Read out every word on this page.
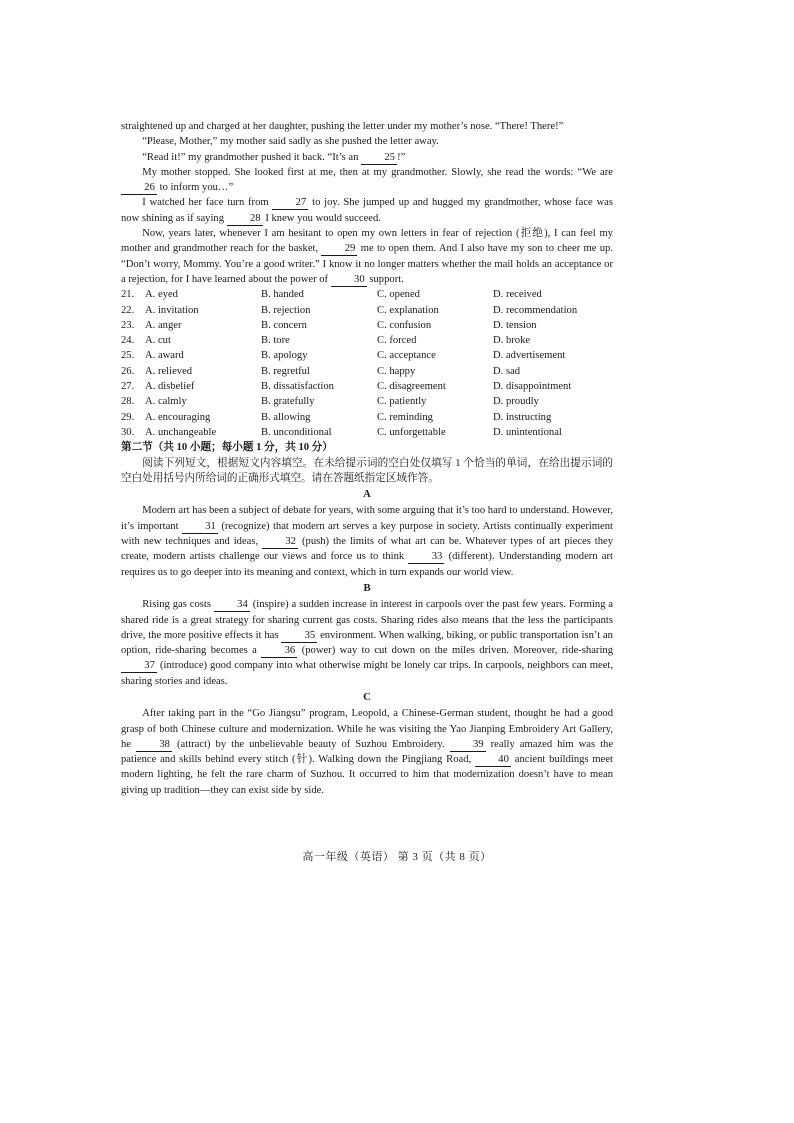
straightened up and charged at her daughter, pushing the letter under my mother’s nose. “There! There!”

“Please, Mother,” my mother said sadly as she pushed the letter away.

“Read it!” my grandmother pushed it back. “It’s an 25 !”

My mother stopped. She looked first at me, then at my grandmother. Slowly, she read the words: “We are 26 to inform you…”

I watched her face turn from	27 to joy. She jumped up and hugged my grandmother, whose face was now shining as if saying 28 I knew you would succeed.

Now, years later, whenever I am hesitant to open my own letters in fear of rejection (拒绝), I can feel my mother and grandmother reach for the basket,	29 me to open them. And I also have my son to cheer me up. “Don’t worry, Mommy. You’re a good writer.” I know it no longer matters whether the mail holds an acceptance or a rejection, for I have learned about the power of 30 support.

21.	A. eyed	B. handed	C. opened	D. received
22.	A. invitation	B. rejection	C. explanation	D. recommendation
23.	A. anger	B. concern	C. confusion	D. tension
24.	A. cut	B. tore	C. forced	D. broke
25.	A. award	B. apology	C. acceptance	D. advertisement
26.	A. relieved	B. regretful	C. happy	D. sad
27.	A. disbelief	B. dissatisfaction	C. disagreement	D. disappointment
28.	A. calmly	B. gratefully	C. patiently	D. proudly
29.	A. encouraging	B. allowing	C. reminding	D. instructing
30.	A. unchangeable	B. unconditional	C. unforgettable	D. unintentional

第二节（共 10 小题；每小题 1 分，共 10 分）

阅读下列短文，根据短文内容填空。在未给提示词的空白处仅填写 1 个恰当的单词，在给出提示词的空白处用括号内所给词的正确形式填空。请在答题纸指定区域作答。

A

Modern art has been a subject of debate for years, with some arguing that it’s too hard to understand. However, it’s important	31 (recognize) that modern art serves a key purpose in society. Artists continually experiment with new techniques and ideas,	32 (push) the limits of what art can be. Whatever types of art pieces they create, modern artists challenge our views and force us to think	33 (different). Understanding modern art requires us to go deeper into its meaning and context, which in turn expands our world view.

B

Rising gas costs 34 (inspire) a sudden increase in interest in carpools over the past few years. Forming a shared ride is a great strategy for sharing current gas costs. Sharing rides also means that the less the participants drive, the more positive effects it has 35 environment. When walking, biking, or public transportation isn’t an option, ride-sharing becomes a	36 (power) way to cut down on the miles driven. Moreover, ride-sharing 37 (introduce) good company into what otherwise might be lonely car trips. In carpools, neighbors can meet, sharing stories and ideas.

C

After taking part in the “Go Jiangsu” program, Leopold, a Chinese-German student, thought he had a good grasp of both Chinese culture and modernization. While he was visiting the Yao Jianping Embroidery Art Gallery, he	38 (attract) by the unbelievable beauty of Suzhou Embroidery.	39 really amazed him was the patience and skills behind every stitch (针). Walking down the Pingjiang Road,	40 ancient buildings meet modern lighting, he felt the rare charm of Suzhou. It occurred to him that modernization doesn’t have to mean giving up tradition—they can exist side by side.

高一年级（英语） 第 3 页（共 8 页）
